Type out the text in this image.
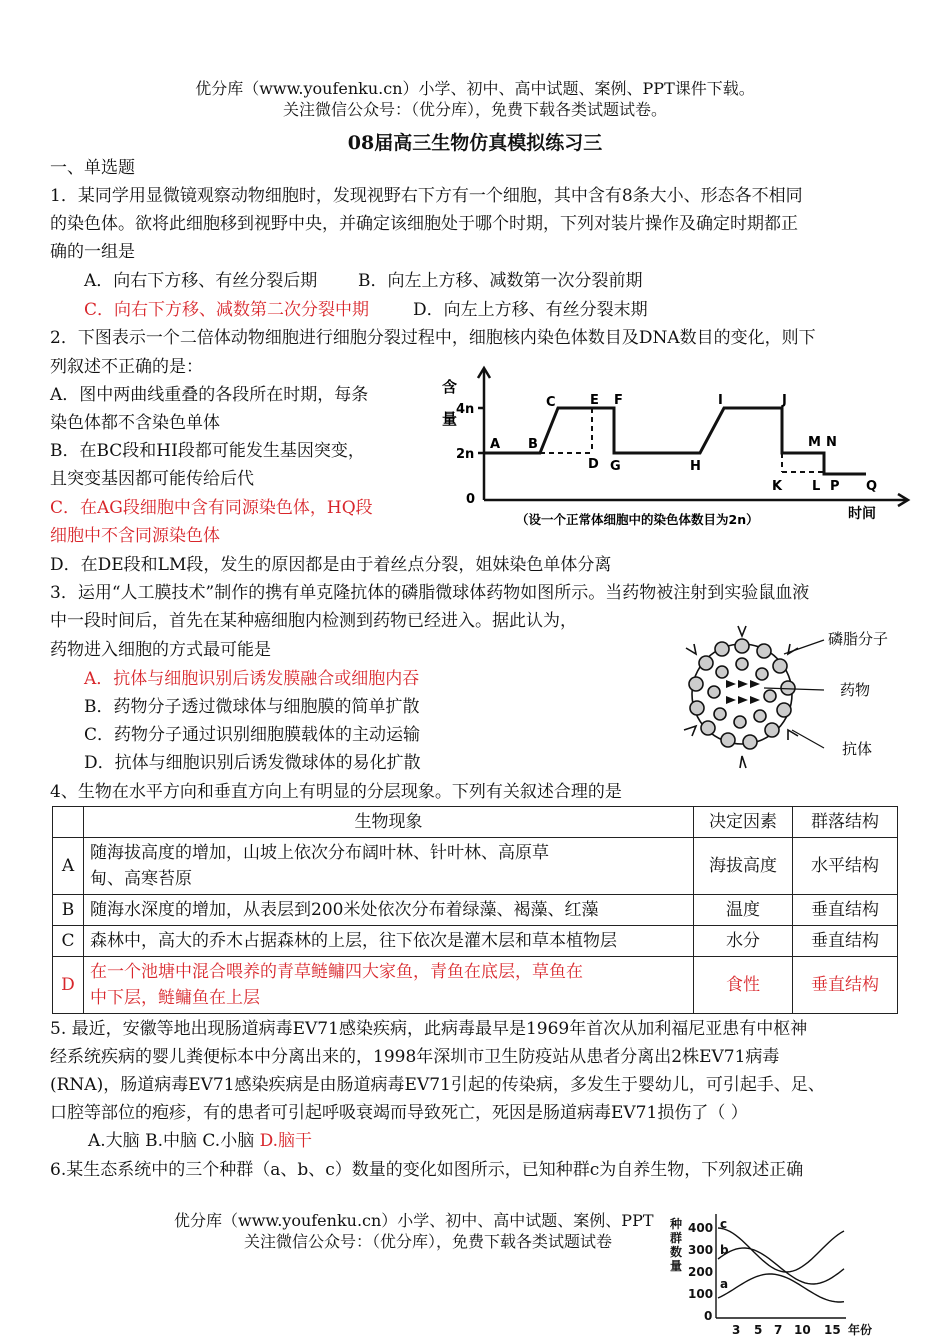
优分库（www.youfenku.cn）小学、初中、高中试题、案例、PPT课件下载。
关注微信公众号：（优分库），免费下载各类试题试卷。
08届高三生物仿真模拟练习三
一、单选题
1．某同学用显微镜观察动物细胞时，发现视野右下方有一个细胞，其中含有8条大小、形态各不相同
的染色体。欲将此细胞移到视野中央，并确定该细胞处于哪个时期，下列对装片操作及确定时期都正
确的一组是
A．向右下方移、有丝分裂后期 B．向左上方移、减数第一次分裂前期
C．向右下方移、减数第二次分裂中期	D．向左上方移、有丝分裂末期
2．下图表示一个二倍体动物细胞进行细胞分裂过程中，细胞核内染色体数目及DNA数目的变化，则下
列叙述不正确的是：
A．图中两曲线重叠的各段所在时期，每条
染色体都不含染色单体
B．在BC段和HI段都可能发生基因突变，
且突变基因都可能传给后代
C．在AG段细胞中含有同源染色体，HQ段
细胞中不含同源染色体
D．在DE段和LM段，发生的原因都是由于着丝点分裂，姐妹染色单体分离
含
量
4n
2n
0
A B
C	E F
D G	H
I	J
K
M N
L P Q
（设一个正常体细胞中的染色体数目为2n）	时间
3．运用“人工膜技术”制作的携有单克隆抗体的磷脂微球体药物如图所示。当药物被注射到实验鼠血液
中一段时间后，首先在某种癌细胞内检测到药物已经进入。据此认为，
药物进入细胞的方式最可能是
A．抗体与细胞识别后诱发膜融合或细胞内吞
B．药物分子透过微球体与细胞膜的简单扩散
C．药物分子通过识别细胞膜载体的主动运输
D．抗体与细胞识别后诱发微球体的易化扩散
磷脂分子
药物
抗体
4、生物在水平方向和垂直方向上有明显的分层现象。下列有关叙述合理的是
	生物现象	决定因素	群落结构
A	随海拔高度的增加，山坡上依次分布阔叶林、针叶林、高原草
甸、高寒苔原	海拔高度	水平结构
B	随海水深度的增加，从表层到200米处依次分布着绿藻、褐藻、红藻	温度	垂直结构
C	森林中，高大的乔木占据森林的上层，往下依次是灌木层和草本植物层	水分	垂直结构
D	在一个池塘中混合喂养的青草鲢鳙四大家鱼，青鱼在底层，草鱼在
中下层，鲢鳙鱼在上层	食性	垂直结构
5. 最近，安徽等地出现肠道病毒EV71感染疾病，此病毒最早是1969年首次从加利福尼亚患有中枢神
经系统疾病的婴儿粪便标本中分离出来的，1998年深圳市卫生防疫站从患者分离出2株EV71病毒
(RNA)，肠道病毒EV71感染疾病是由肠道病毒EV71引起的传染病，多发生于婴幼儿，可引起手、足、
口腔等部位的疱疹，有的患者可引起呼吸衰竭而导致死亡，死因是肠道病毒EV71损伤了（ ）
A.大脑 B.中脑 C.小脑 D.脑干
6.某生态系统中的三个种群（a、b、c）数量的变化如图所示，已知种群c为自养生物，下列叙述正确
优分库（www.youfenku.cn）小学、初中、高中试题、案例、PPT
关注微信公众号：（优分库），免费下载各类试题试卷
种
群
数
量
400
300
200
100
0
3 5 7 10 15 年份
c
b
a
